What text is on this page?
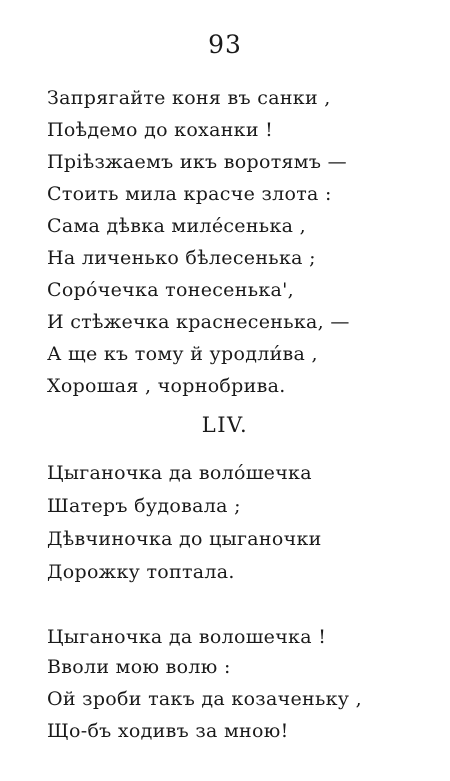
93
Запрягайте коня въ санки ,
Поѣдемо до коханки !
Пріѣзжаемъ икъ воротямъ —
Стоить мила красче злота :
Сама дѣвка милéсенька ,
На личенько бѣлесенька ;
Сорóчечка тонесенька',
И стѣжечка краснесенька, —
А ще къ тому й уродли́ва ,
Хорошая , чорнобрива.
LIV.
Цыганочка да волóшечка
Шатеръ будовала ;
Дѣвчиночка до цыганочки
Дорожку топтала.
Цыганочка да волошечка !
Вволи мою волю :
Ой зроби такъ да козаченьку ,
Що-бъ ходивъ за мною!
